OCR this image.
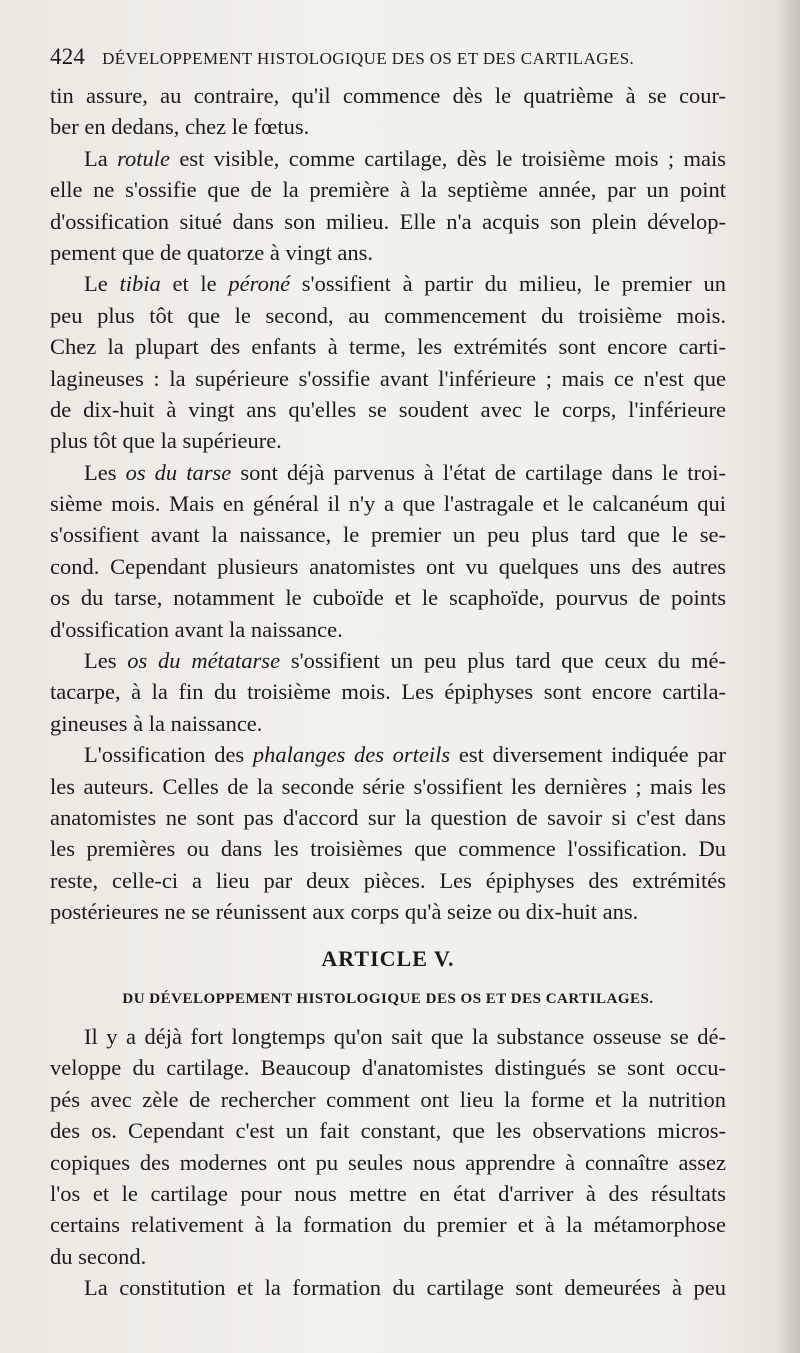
424 DÉVELOPPEMENT HISTOLOGIQUE DES OS ET DES CARTILAGES.
tin assure, au contraire, qu'il commence dès le quatrième à se cour-
ber en dedans, chez le fœtus.
La rotule est visible, comme cartilage, dès le troisième mois ; mais
elle ne s'ossifie que de la première à la septième année, par un point
d'ossification situé dans son milieu. Elle n'a acquis son plein dévelop-
pement que de quatorze à vingt ans.
Le tibia et le péroné s'ossifient à partir du milieu, le premier un
peu plus tôt que le second, au commencement du troisième mois.
Chez la plupart des enfants à terme, les extrémités sont encore carti-
lagineuses : la supérieure s'ossifie avant l'inférieure ; mais ce n'est que
de dix-huit à vingt ans qu'elles se soudent avec le corps, l'inférieure
plus tôt que la supérieure.
Les os du tarse sont déjà parvenus à l'état de cartilage dans le troi-
sième mois. Mais en général il n'y a que l'astragale et le calcanéum qui
s'ossifient avant la naissance, le premier un peu plus tard que le se-
cond. Cependant plusieurs anatomistes ont vu quelques uns des autres
os du tarse, notamment le cuboïde et le scaphoïde, pourvus de points
d'ossification avant la naissance.
Les os du métatarse s'ossifient un peu plus tard que ceux du mé-
tacarpe, à la fin du troisième mois. Les épiphyses sont encore cartila-
gineuses à la naissance.
L'ossification des phalanges des orteils est diversement indiquée par
les auteurs. Celles de la seconde série s'ossifient les dernières ; mais les
anatomistes ne sont pas d'accord sur la question de savoir si c'est dans
les premières ou dans les troisièmes que commence l'ossification. Du
reste, celle-ci a lieu par deux pièces. Les épiphyses des extrémités
postérieures ne se réunissent aux corps qu'à seize ou dix-huit ans.
ARTICLE V.
DU DÉVELOPPEMENT HISTOLOGIQUE DES OS ET DES CARTILAGES.
Il y a déjà fort longtemps qu'on sait que la substance osseuse se dé-
veloppe du cartilage. Beaucoup d'anatomistes distingués se sont occu-
pés avec zèle de rechercher comment ont lieu la forme et la nutrition
des os. Cependant c'est un fait constant, que les observations micros-
copiques des modernes ont pu seules nous apprendre à connaître assez
l'os et le cartilage pour nous mettre en état d'arriver à des résultats
certains relativement à la formation du premier et à la métamorphose
du second.
La constitution et la formation du cartilage sont demeurées à peu
